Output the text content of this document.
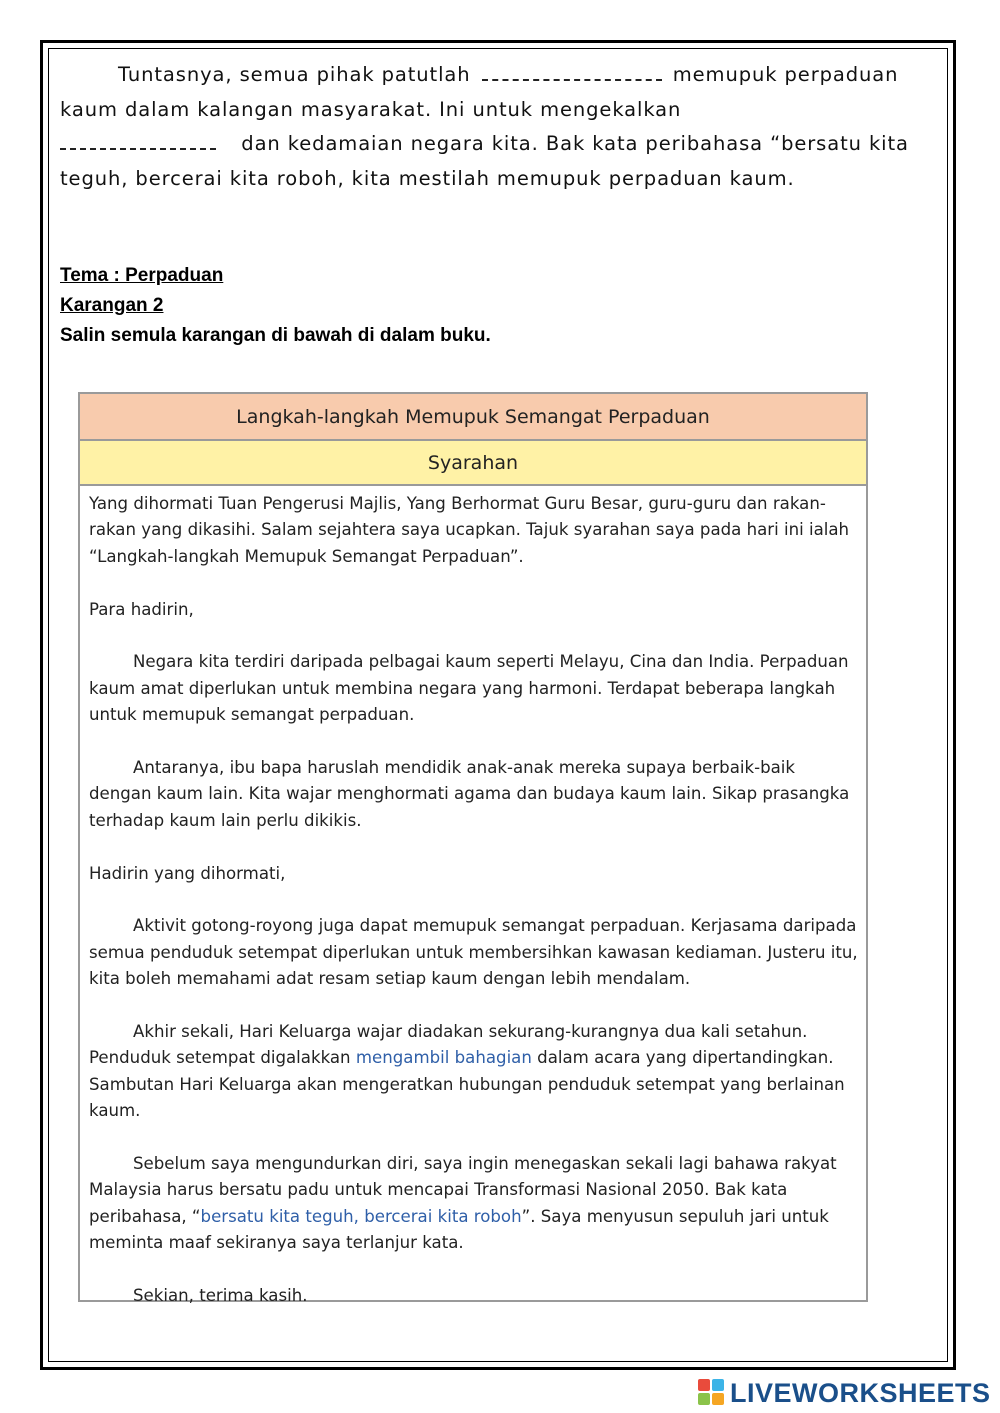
Tuntasnya, semua pihak patutlah	memupuk perpaduan kaum dalam kalangan masyarakat. Ini untuk mengekalkan
dan kedamaian negara kita. Bak kata peribahasa “bersatu kita teguh, bercerai kita roboh, kita mestilah memupuk perpaduan kaum.
Tema : Perpaduan
Karangan 2
Salin semula karangan di bawah di dalam buku.
Langkah-langkah Memupuk Semangat Perpaduan
Syarahan

Yang dihormati Tuan Pengerusi Majlis, Yang Berhormat Guru Besar, guru-guru dan rakan-rakan yang dikasihi. Salam sejahtera saya ucapkan. Tajuk syarahan saya pada hari ini ialah “Langkah-langkah Memupuk Semangat Perpaduan”.

Para hadirin,

Negara kita terdiri daripada pelbagai kaum seperti Melayu, Cina dan India. Perpaduan kaum amat diperlukan untuk membina negara yang harmoni. Terdapat beberapa langkah untuk memupuk semangat perpaduan.

Antaranya, ibu bapa haruslah mendidik anak-anak mereka supaya berbaik-baik dengan kaum lain. Kita wajar menghormati agama dan budaya kaum lain. Sikap prasangka terhadap kaum lain perlu dikikis.

Hadirin yang dihormati,

Aktivit gotong-royong juga dapat memupuk semangat perpaduan. Kerjasama daripada semua penduduk setempat diperlukan untuk membersihkan kawasan kediaman. Justeru itu, kita boleh memahami adat resam setiap kaum dengan lebih mendalam.

Akhir sekali, Hari Keluarga wajar diadakan sekurang-kurangnya dua kali setahun. Penduduk setempat digalakkan mengambil bahagian dalam acara yang dipertandingkan. Sambutan Hari Keluarga akan mengeratkan hubungan penduduk setempat yang berlainan kaum.

Sebelum saya mengundurkan diri, saya ingin menegaskan sekali lagi bahawa rakyat Malaysia harus bersatu padu untuk mencapai Transformasi Nasional 2050. Bak kata peribahasa, “bersatu kita teguh, bercerai kita roboh”. Saya menyusun sepuluh jari untuk meminta maaf sekiranya saya terlanjur kata.

Sekian, terima kasih.

LIVEWORKSHEETS
